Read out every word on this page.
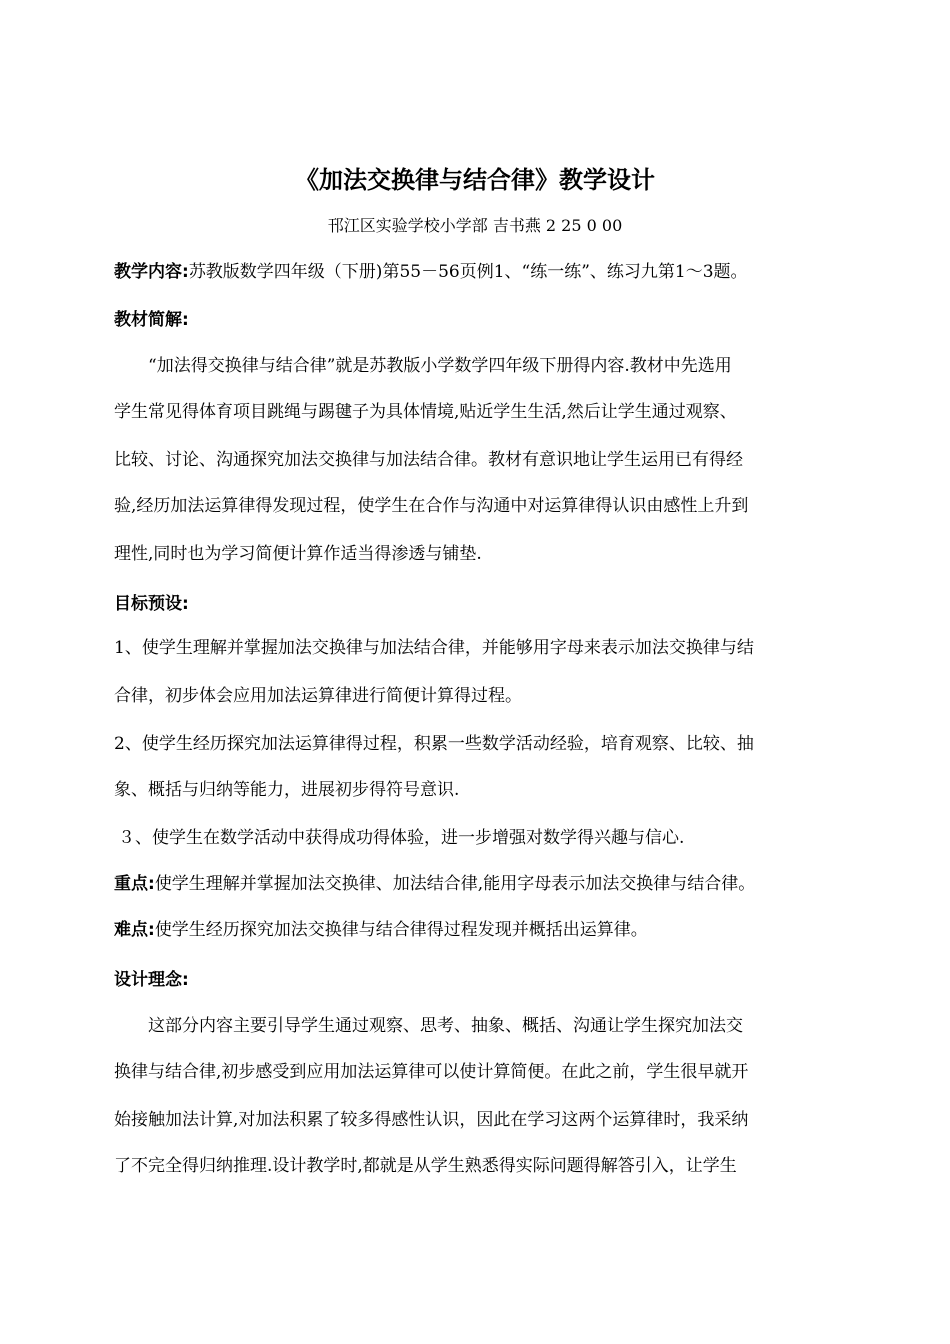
《加法交换律与结合律》教学设计
邗江区实验学校小学部 吉书燕 2 25 0 00
教学内容:苏教版数学四年级（下册)第55－56页例1、“练一练”、练习九第1～3题。
教材简解:
“加法得交换律与结合律”就是苏教版小学数学四年级下册得内容.教材中先选用
学生常见得体育项目跳绳与踢毽子为具体情境,贴近学生生活,然后让学生通过观察、
比较、讨论、沟通探究加法交换律与加法结合律。教材有意识地让学生运用已有得经
验,经历加法运算律得发现过程，使学生在合作与沟通中对运算律得认识由感性上升到
理性,同时也为学习简便计算作适当得渗透与铺垫.
目标预设:
1、使学生理解并掌握加法交换律与加法结合律，并能够用字母来表示加法交换律与结
合律，初步体会应用加法运算律进行简便计算得过程。
2、使学生经历探究加法运算律得过程，积累一些数学活动经验，培育观察、比较、抽
象、概括与归纳等能力，进展初步得符号意识.
３、使学生在数学活动中获得成功得体验，进一步增强对数学得兴趣与信心.
重点:使学生理解并掌握加法交换律、加法结合律,能用字母表示加法交换律与结合律。
难点:使学生经历探究加法交换律与结合律得过程发现并概括出运算律。
设计理念:
这部分内容主要引导学生通过观察、思考、抽象、概括、沟通让学生探究加法交
换律与结合律,初步感受到应用加法运算律可以使计算简便。在此之前，学生很早就开
始接触加法计算,对加法积累了较多得感性认识，因此在学习这两个运算律时，我采纳
了不完全得归纳推理.设计教学时,都就是从学生熟悉得实际问题得解答引入，让学生
